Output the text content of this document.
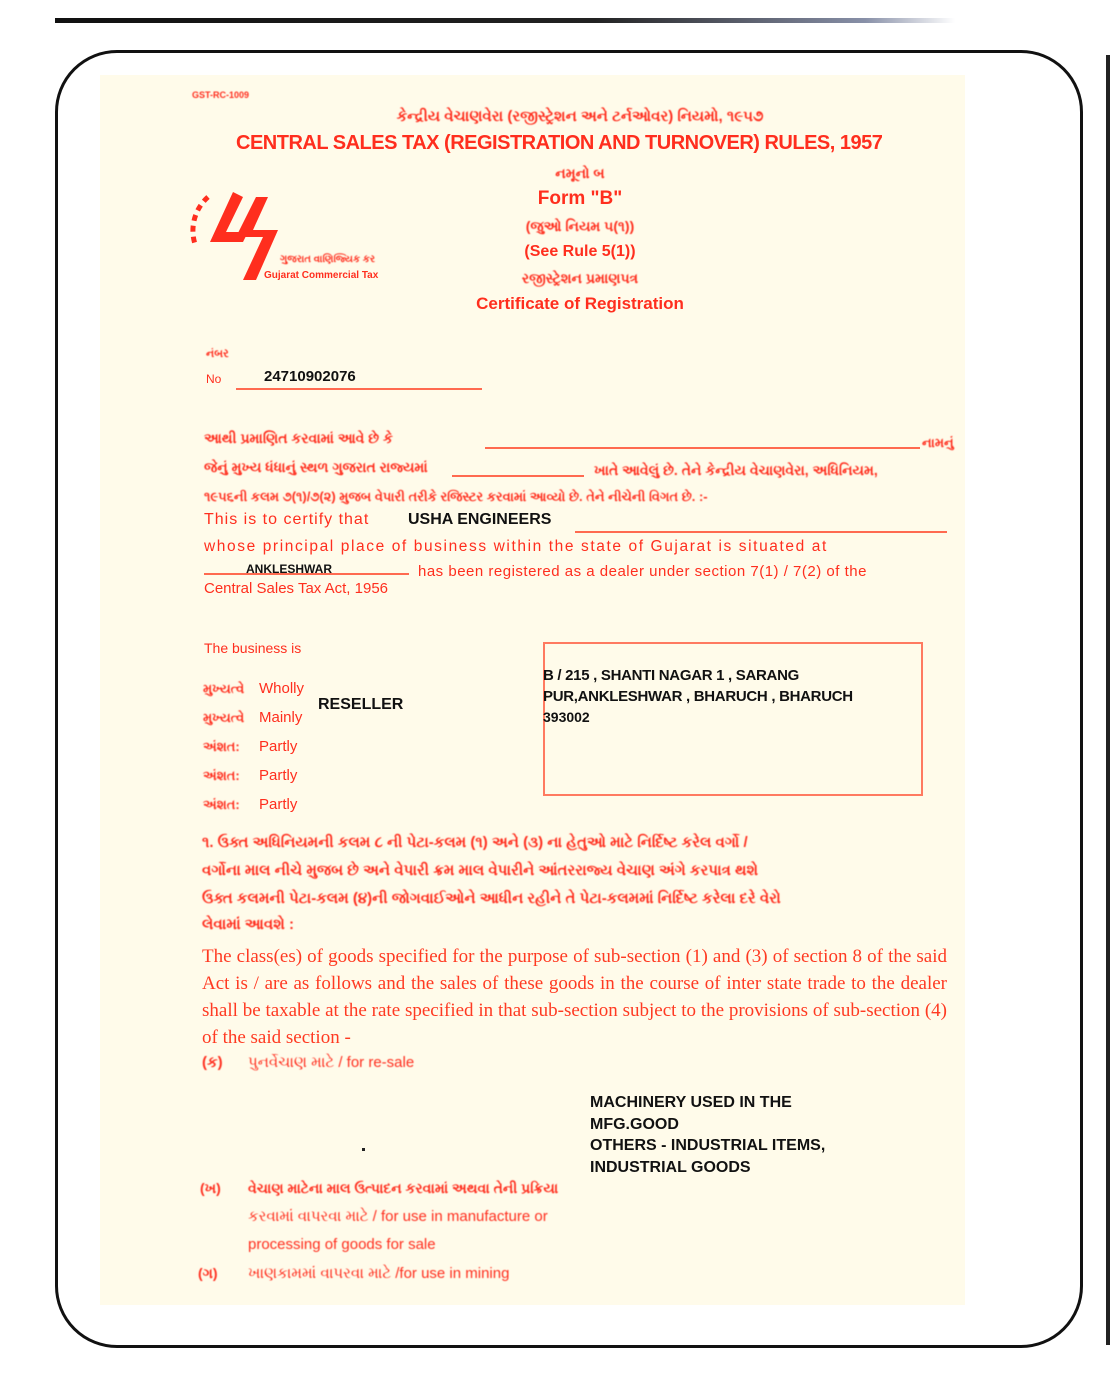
GST-RC-1009
કેન્દ્રીય વેચાણવેરા (રજીસ્ટ્રેશન અને ટર્નઓવર) નિયમો, ૧૯૫૭
CENTRAL SALES TAX (REGISTRATION AND TURNOVER) RULES, 1957
નમૂનો બ
Form "B"
(જુઓ નિયમ ૫(૧))
(See Rule 5(1))
રજીસ્ટ્રેશન પ્રમાણપત્ર
Certificate of Registration
ગુજરાત વાણિજ્યિક કર
Gujarat Commercial Tax
નંબર
No	24710902076
આથી પ્રમાણિત કરવામાં આવે છે કે	નામનું
જેનું મુખ્ય ધંધાનું સ્થળ ગુજરાત રાજ્યમાં	ખાતે આવેલું છે. તેને કેન્દ્રીય વેચાણવેરા, અધિનિયમ,
૧૯૫૬ની કલમ ૭(૧)/૭(૨) મુજબ વેપારી તરીકે રજિસ્ટર કરવામાં આવ્યો છે. તેને નીચેની વિગત છે. :-
This is to certify that USHA ENGINEERS
whose principal place of business within the state of Gujarat is situated at
ANKLESHWAR	has been registered as a dealer under section 7(1) / 7(2) of the
Central Sales Tax Act, 1956
The business is
મુખ્યત્વે Wholly
મુખ્યત્વે Mainly
અંશત: Partly
અંશત: Partly
અંશત: Partly
RESELLER
B / 215 , SHANTI NAGAR 1 , SARANG
PUR,ANKLESHWAR , BHARUCH , BHARUCH
393002
૧. ઉક્ત અધિનિયમની કલમ ૮ ની પેટા-કલમ (૧) અને (૩) ના હેતુઓ માટે નિર્દિષ્ટ કરેલ વર્ગો /
વર્ગોના માલ નીચે મુજબ છે અને વેપારી ક્રમ માલ વેપારીને આંતરરાજ્ય વેચાણ અંગે કરપાત્ર થશે
ઉક્ત કલમની પેટા-કલમ (૪)ની જોગવાઈઓને આધીન રહીને તે પેટા-કલમમાં નિર્દિષ્ટ કરેલા દરે વેરો
લેવામાં આવશે :
The class(es) of goods specified for the purpose of sub-section (1) and (3) of section 8 of the said Act is / are as follows and the sales of these goods in the course of inter state trade to the dealer shall be taxable at the rate specified in that sub-section subject to the provisions of sub-section (4) of the said section -
(ક) પુનર્વેચાણ માટે / for re-sale
MACHINERY USED IN THE
MFG.GOOD
OTHERS - INDUSTRIAL ITEMS,
INDUSTRIAL GOODS
(ખ) વેચાણ માટેના માલ ઉત્પાદન કરવામાં અથવા તેની પ્રક્રિયા
કરવામાં વાપરવા માટે / for use in manufacture or
processing of goods for sale
(ગ) ખાણકામમાં વાપરવા માટે /for use in mining
